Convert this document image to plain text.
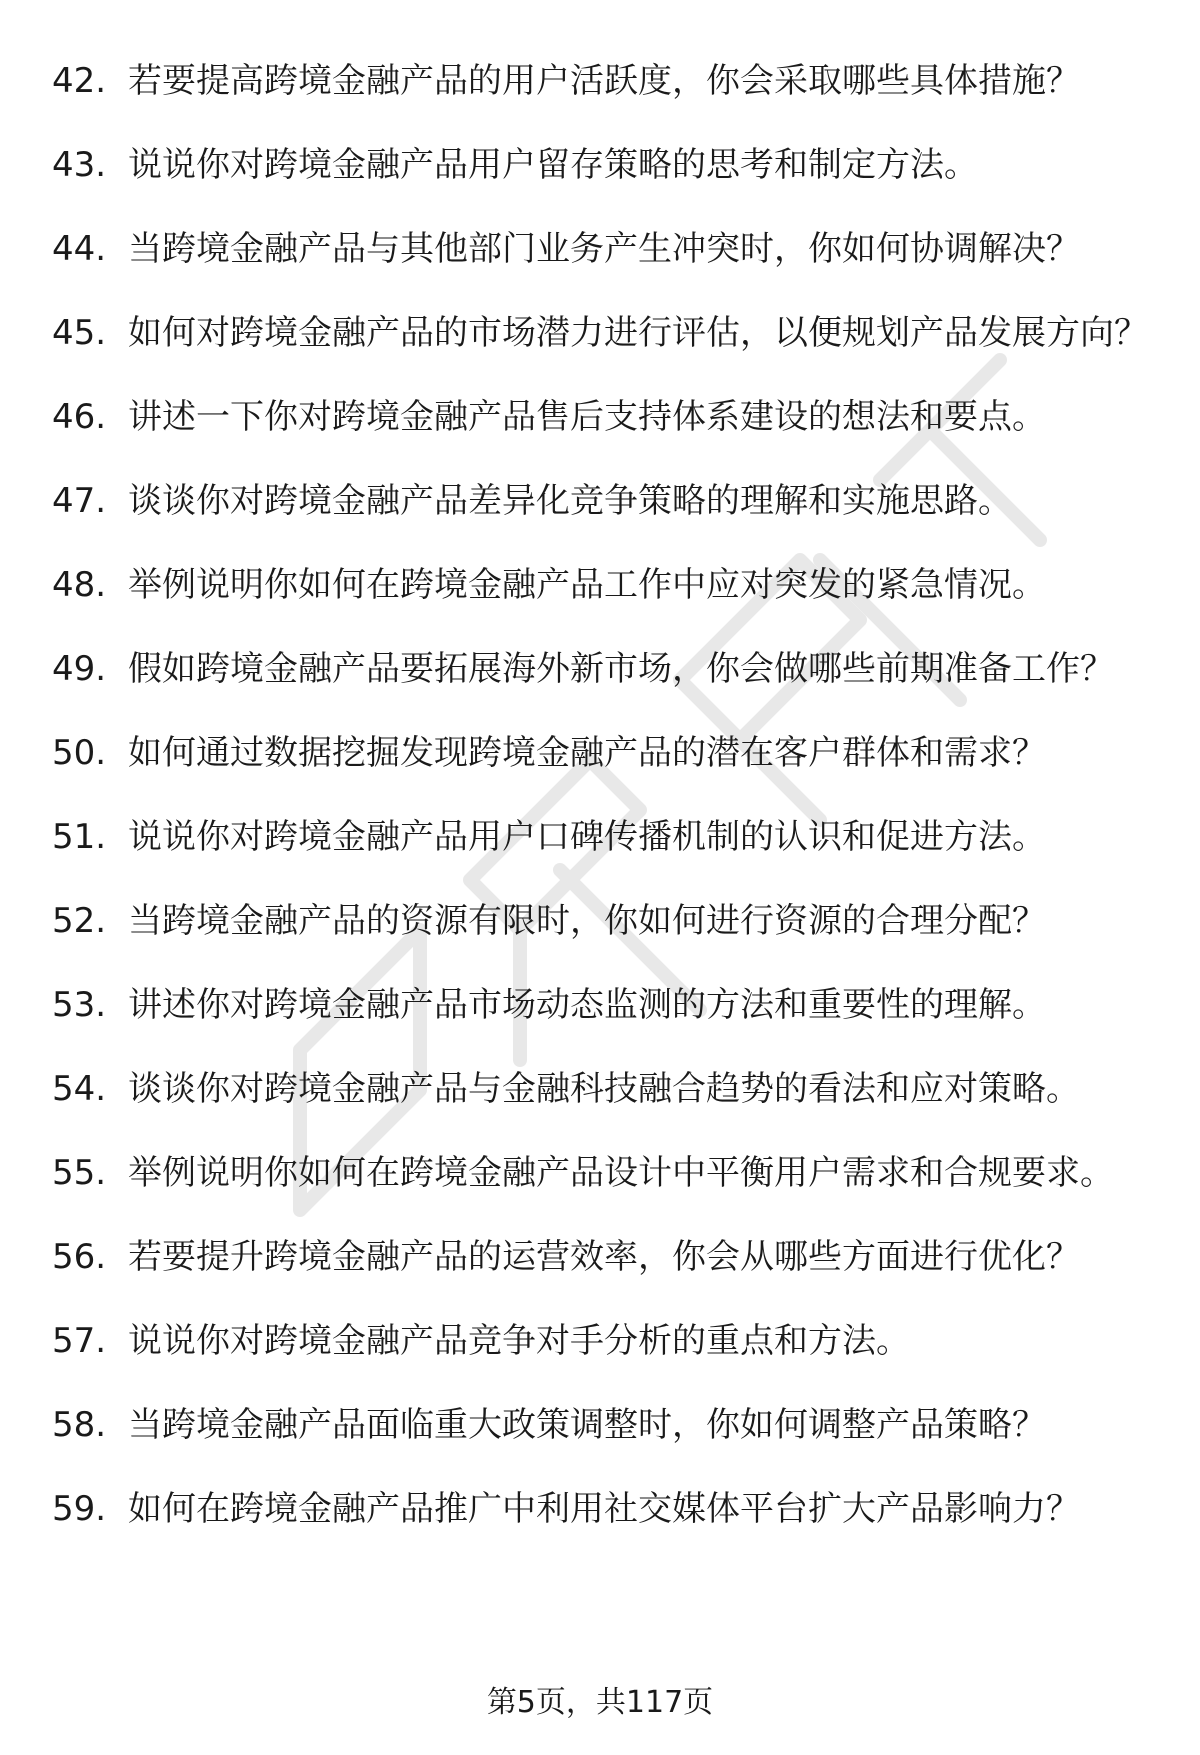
42. 若要提高跨境金融产品的用户活跃度，你会采取哪些具体措施？
43. 说说你对跨境金融产品用户留存策略的思考和制定方法。
44. 当跨境金融产品与其他部门业务产生冲突时，你如何协调解决？
45. 如何对跨境金融产品的市场潜力进行评估，以便规划产品发展方向？
46. 讲述一下你对跨境金融产品售后支持体系建设的想法和要点。
47. 谈谈你对跨境金融产品差异化竞争策略的理解和实施思路。
48. 举例说明你如何在跨境金融产品工作中应对突发的紧急情况。
49. 假如跨境金融产品要拓展海外新市场，你会做哪些前期准备工作？
50. 如何通过数据挖掘发现跨境金融产品的潜在客户群体和需求？
51. 说说你对跨境金融产品用户口碑传播机制的认识和促进方法。
52. 当跨境金融产品的资源有限时，你如何进行资源的合理分配？
53. 讲述你对跨境金融产品市场动态监测的方法和重要性的理解。
54. 谈谈你对跨境金融产品与金融科技融合趋势的看法和应对策略。
55. 举例说明你如何在跨境金融产品设计中平衡用户需求和合规要求。
56. 若要提升跨境金融产品的运营效率，你会从哪些方面进行优化？
57. 说说你对跨境金融产品竞争对手分析的重点和方法。
58. 当跨境金融产品面临重大政策调整时，你如何调整产品策略？
59. 如何在跨境金融产品推广中利用社交媒体平台扩大产品影响力？
第5页，共117页
